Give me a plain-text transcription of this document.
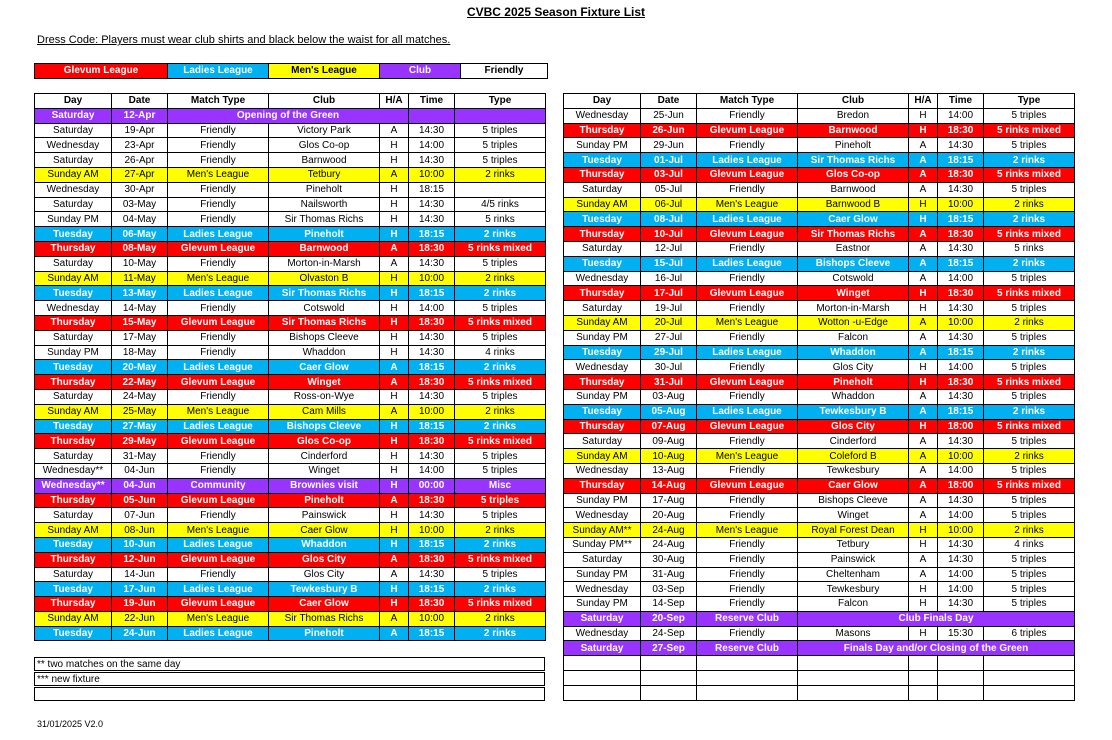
CVBC 2025 Season Fixture List
Dress Code: Players must wear club shirts and black below the waist for all matches.
Glevum League	Ladies League	Men's League	Club	Friendly
Day	Date	Match Type	Club	H/A	Time	Type
Saturday	12-Apr	Opening of the Green				
Saturday	19-Apr	Friendly	Victory Park	A	14:30	5 triples
Wednesday	23-Apr	Friendly	Glos Co-op	H	14:00	5 triples
Saturday	26-Apr	Friendly	Barnwood	H	14:30	5 triples
Sunday AM	27-Apr	Men's League	Tetbury	A	10:00	2 rinks
Wednesday	30-Apr	Friendly	Pineholt	H	18:15	
Saturday	03-May	Friendly	Nailsworth	H	14:30	4/5 rinks
Sunday PM	04-May	Friendly	Sir Thomas Richs	H	14:30	5 rinks
Tuesday	06-May	Ladies League	Pineholt	H	18:15	2 rinks
Thursday	08-May	Glevum League	Barnwood	A	18:30	5 rinks mixed
Saturday	10-May	Friendly	Morton-in-Marsh	A	14:30	5 triples
Sunday AM	11-May	Men's League	Olvaston B	H	10:00	2 rinks
Tuesday	13-May	Ladies League	Sir Thomas Richs	H	18:15	2 rinks
Wednesday	14-May	Friendly	Cotswold	H	14:00	5 triples
Thursday	15-May	Glevum League	Sir Thomas Richs	H	18:30	5 rinks mixed
Saturday	17-May	Friendly	Bishops Cleeve	H	14:30	5 triples
Sunday PM	18-May	Friendly	Whaddon	H	14:30	4 rinks
Tuesday	20-May	Ladies League	Caer Glow	A	18:15	2 rinks
Thursday	22-May	Glevum League	Winget	A	18:30	5 rinks mixed
Saturday	24-May	Friendly	Ross-on-Wye	H	14:30	5 triples
Sunday AM	25-May	Men's League	Cam Mills	A	10:00	2 rinks
Tuesday	27-May	Ladies League	Bishops Cleeve	H	18:15	2 rinks
Thursday	29-May	Glevum League	Glos Co-op	H	18:30	5 rinks mixed
Saturday	31-May	Friendly	Cinderford	H	14:30	5 triples
Wednesday**	04-Jun	Friendly	Winget	H	14:00	5 triples
Wednesday**	04-Jun	Community	Brownies visit	H	00:00	Misc
Thursday	05-Jun	Glevum League	Pineholt	A	18:30	5 triples
Saturday	07-Jun	Friendly	Painswick	H	14:30	5 triples
Sunday AM	08-Jun	Men's League	Caer Glow	H	10:00	2 rinks
Tuesday	10-Jun	Ladies League	Whaddon	H	18:15	2 rinks
Thursday	12-Jun	Glevum League	Glos City	A	18:30	5 rinks mixed
Saturday	14-Jun	Friendly	Glos City	A	14:30	5 triples
Tuesday	17-Jun	Ladies League	Tewkesbury B	H	18:15	2 rinks
Thursday	19-Jun	Glevum League	Caer Glow	H	18:30	5 rinks mixed
Sunday AM	22-Jun	Men's League	Sir Thomas Richs	A	10:00	2 rinks
Tuesday	24-Jun	Ladies League	Pineholt	A	18:15	2 rinks
Day	Date	Match Type	Club	H/A	Time	Type
Wednesday	25-Jun	Friendly	Bredon	H	14:00	5 triples
Thursday	26-Jun	Glevum League	Barnwood	H	18:30	5 rinks mixed
Sunday PM	29-Jun	Friendly	Pineholt	A	14:30	5 triples
Tuesday	01-Jul	Ladies League	Sir Thomas Richs	A	18:15	2 rinks
Thursday	03-Jul	Glevum League	Glos Co-op	A	18:30	5 rinks mixed
Saturday	05-Jul	Friendly	Barnwood	A	14:30	5 triples
Sunday AM	06-Jul	Men's League	Barnwood B	H	10:00	2 rinks
Tuesday	08-Jul	Ladies League	Caer Glow	H	18:15	2 rinks
Thursday	10-Jul	Glevum League	Sir Thomas Richs	A	18:30	5 rinks mixed
Saturday	12-Jul	Friendly	Eastnor	A	14:30	5 rinks
Tuesday	15-Jul	Ladies League	Bishops Cleeve	A	18:15	2 rinks
Wednesday	16-Jul	Friendly	Cotswold	A	14:00	5 triples
Thursday	17-Jul	Glevum League	Winget	H	18:30	5 rinks mixed
Saturday	19-Jul	Friendly	Morton-in-Marsh	H	14:30	5 triples
Sunday AM	20-Jul	Men's League	Wotton -u-Edge	A	10:00	2 rinks
Sunday PM	27-Jul	Friendly	Falcon	A	14:30	5 triples
Tuesday	29-Jul	Ladies League	Whaddon	A	18:15	2 rinks
Wednesday	30-Jul	Friendly	Glos City	H	14:00	5 triples
Thursday	31-Jul	Glevum League	Pineholt	H	18:30	5 rinks mixed
Sunday PM	03-Aug	Friendly	Whaddon	A	14:30	5 triples
Tuesday	05-Aug	Ladies League	Tewkesbury B	A	18:15	2 rinks
Thursday	07-Aug	Glevum League	Glos City	H	18:00	5 rinks mixed
Saturday	09-Aug	Friendly	Cinderford	A	14:30	5 triples
Sunday AM	10-Aug	Men's League	Coleford B	A	10:00	2 rinks
Wednesday	13-Aug	Friendly	Tewkesbury	A	14:00	5 triples
Thursday	14-Aug	Glevum League	Caer Glow	A	18:00	5 rinks mixed
Sunday PM	17-Aug	Friendly	Bishops Cleeve	A	14:30	5 triples
Wednesday	20-Aug	Friendly	Winget	A	14:00	5 triples
Sunday AM**	24-Aug	Men's League	Royal Forest Dean	H	10:00	2 rinks
Sunday PM**	24-Aug	Friendly	Tetbury	H	14:30	4 rinks
Saturday	30-Aug	Friendly	Painswick	A	14:30	5 triples
Sunday PM	31-Aug	Friendly	Cheltenham	A	14:00	5 triples
Wednesday	03-Sep	Friendly	Tewkesbury	H	14:00	5 triples
Sunday PM	14-Sep	Friendly	Falcon	H	14:30	5 triples
Saturday	20-Sep	Reserve Club	Club Finals Day			
Wednesday	24-Sep	Friendly	Masons	H	15:30	6 triples
Saturday	27-Sep	Reserve Club	Finals Day and/or Closing of the Green			

** two matches on the same day
*** new fixture
31/01/2025 V2.0
